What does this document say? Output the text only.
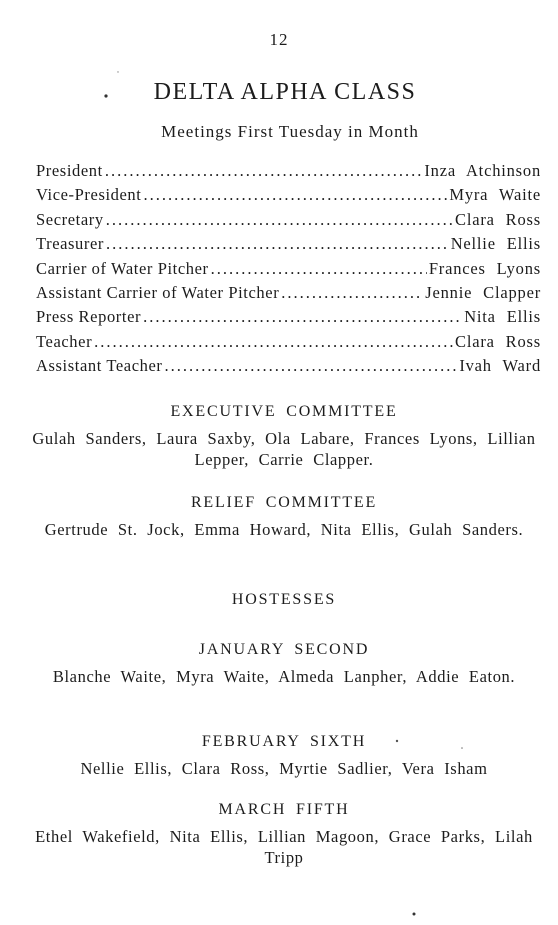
12
DELTA ALPHA CLASS
Meetings First Tuesday in Month
President .....	Inza Atchinson
Vice-President .....	Myra Waite
Secretary .....	Clara Ross
Treasurer .....	Nellie Ellis
Carrier of Water Pitcher .....	Frances Lyons
Assistant Carrier of Water Pitcher .....	Jennie Clapper
Press Reporter .....	Nita Ellis
Teacher .....	Clara Ross
Assistant Teacher .....	Ivah Ward
EXECUTIVE COMMITTEE

Gulah Sanders, Laura Saxby, Ola Labare, Frances Lyons, Lillian Lepper, Carrie Clapper.

RELIEF COMMITTEE

Gertrude St. Jock, Emma Howard, Nita Ellis, Gulah Sanders.

HOSTESSES
JANUARY SECOND

Blanche Waite, Myra Waite, Almeda Lanpher, Addie Eaton.

FEBRUARY SIXTH

Nellie Ellis, Clara Ross, Myrtie Sadlier, Vera Isham

MARCH FIFTH

Ethel Wakefield, Nita Ellis, Lillian Magoon, Grace Parks, Lilah Tripp
